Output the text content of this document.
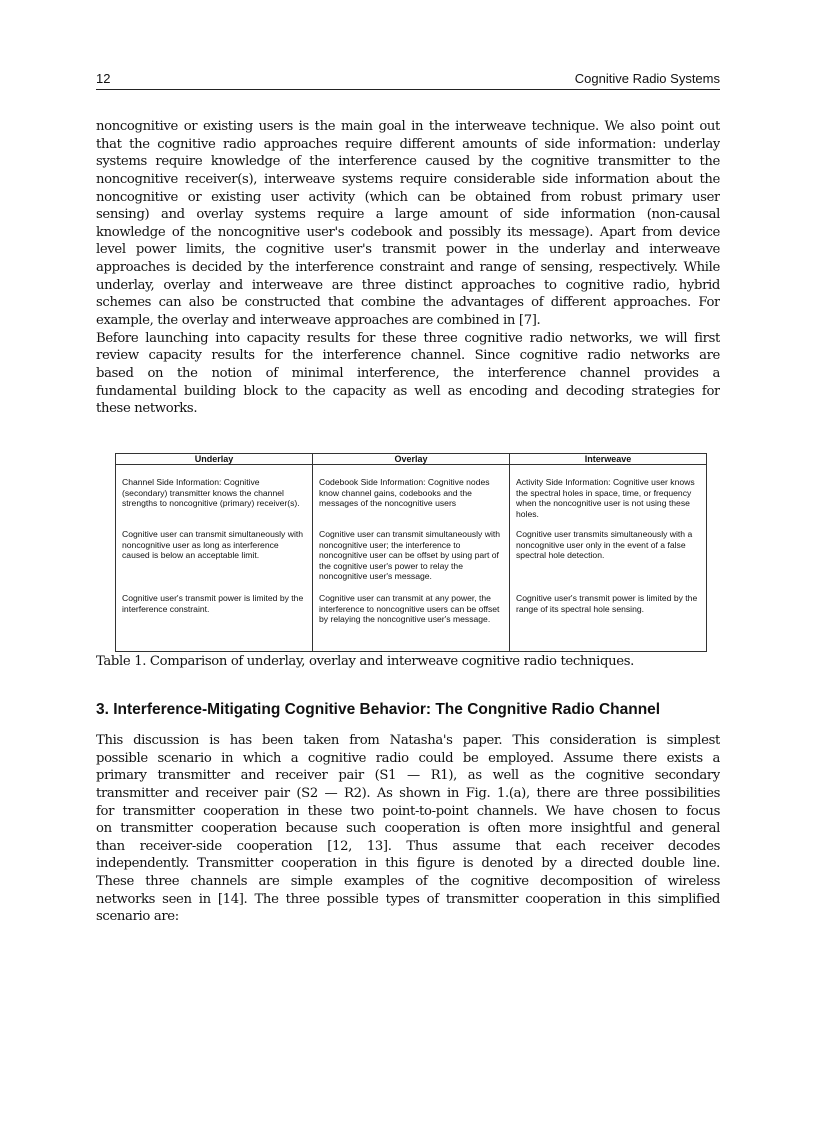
12	Cognitive Radio Systems
noncognitive or existing users is the main goal in the interweave technique. We also point out
that the cognitive radio approaches require different amounts of side information: underlay
systems require knowledge of the interference caused by the cognitive transmitter to the
noncognitive receiver(s), interweave systems require considerable side information about the
noncognitive or existing user activity (which can be obtained from robust primary user
sensing) and overlay systems require a large amount of side information (non-causal
knowledge of the noncognitive user's codebook and possibly its message). Apart from device
level power limits, the cognitive user's transmit power in the underlay and interweave
approaches is decided by the interference constraint and range of sensing, respectively. While
underlay, overlay and interweave are three distinct approaches to cognitive radio, hybrid
schemes can also be constructed that combine the advantages of different approaches. For
example, the overlay and interweave approaches are combined in [7].
Before launching into capacity results for these three cognitive radio networks, we will first
review capacity results for the interference channel. Since cognitive radio networks are
based on the notion of minimal interference, the interference channel provides a
fundamental building block to the capacity as well as encoding and decoding strategies for
these networks.
Underlay	Overlay	Interweave
Channel Side Information: Cognitive (secondary) transmitter knows the channel strengths to noncognitive (primary) receiver(s).	Codebook Side Information: Cognitive nodes know channel gains, codebooks and the messages of the noncognitive users	Activity Side Information: Cognitive user knows the spectral holes in space, time, or frequency when the noncognitive user is not using these holes.
Cognitive user can transmit simultaneously with noncognitive user as long as interference caused is below an acceptable limit.	Cognitive user can transmit simultaneously with noncognitive user; the interference to noncognitive user can be offset by using part of the cognitive user's power to relay the noncognitive user's message.	Cognitive user transmits simultaneously with a noncognitive user only in the event of a false spectral hole detection.
Cognitive user's transmit power is limited by the interference constraint.	Cognitive user can transmit at any power, the interference to noncognitive users can be offset by relaying the noncognitive user's message.	Cognitive user's transmit power is limited by the range of its spectral hole sensing.
Table 1. Comparison of underlay, overlay and interweave cognitive radio techniques.
3. Interference-Mitigating Cognitive Behavior: The Congnitive Radio Channel
This discussion is has been taken from Natasha's paper. This consideration is simplest
possible scenario in which a cognitive radio could be employed. Assume there exists a
primary transmitter and receiver pair (S1 — R1), as well as the cognitive secondary
transmitter and receiver pair (S2 — R2). As shown in Fig. 1.(a), there are three possibilities
for transmitter cooperation in these two point-to-point channels. We have chosen to focus
on transmitter cooperation because such cooperation is often more insightful and general
than receiver-side cooperation [12, 13]. Thus assume that each receiver decodes
independently. Transmitter cooperation in this figure is denoted by a directed double line.
These three channels are simple examples of the cognitive decomposition of wireless
networks seen in [14]. The three possible types of transmitter cooperation in this simplified
scenario are:
